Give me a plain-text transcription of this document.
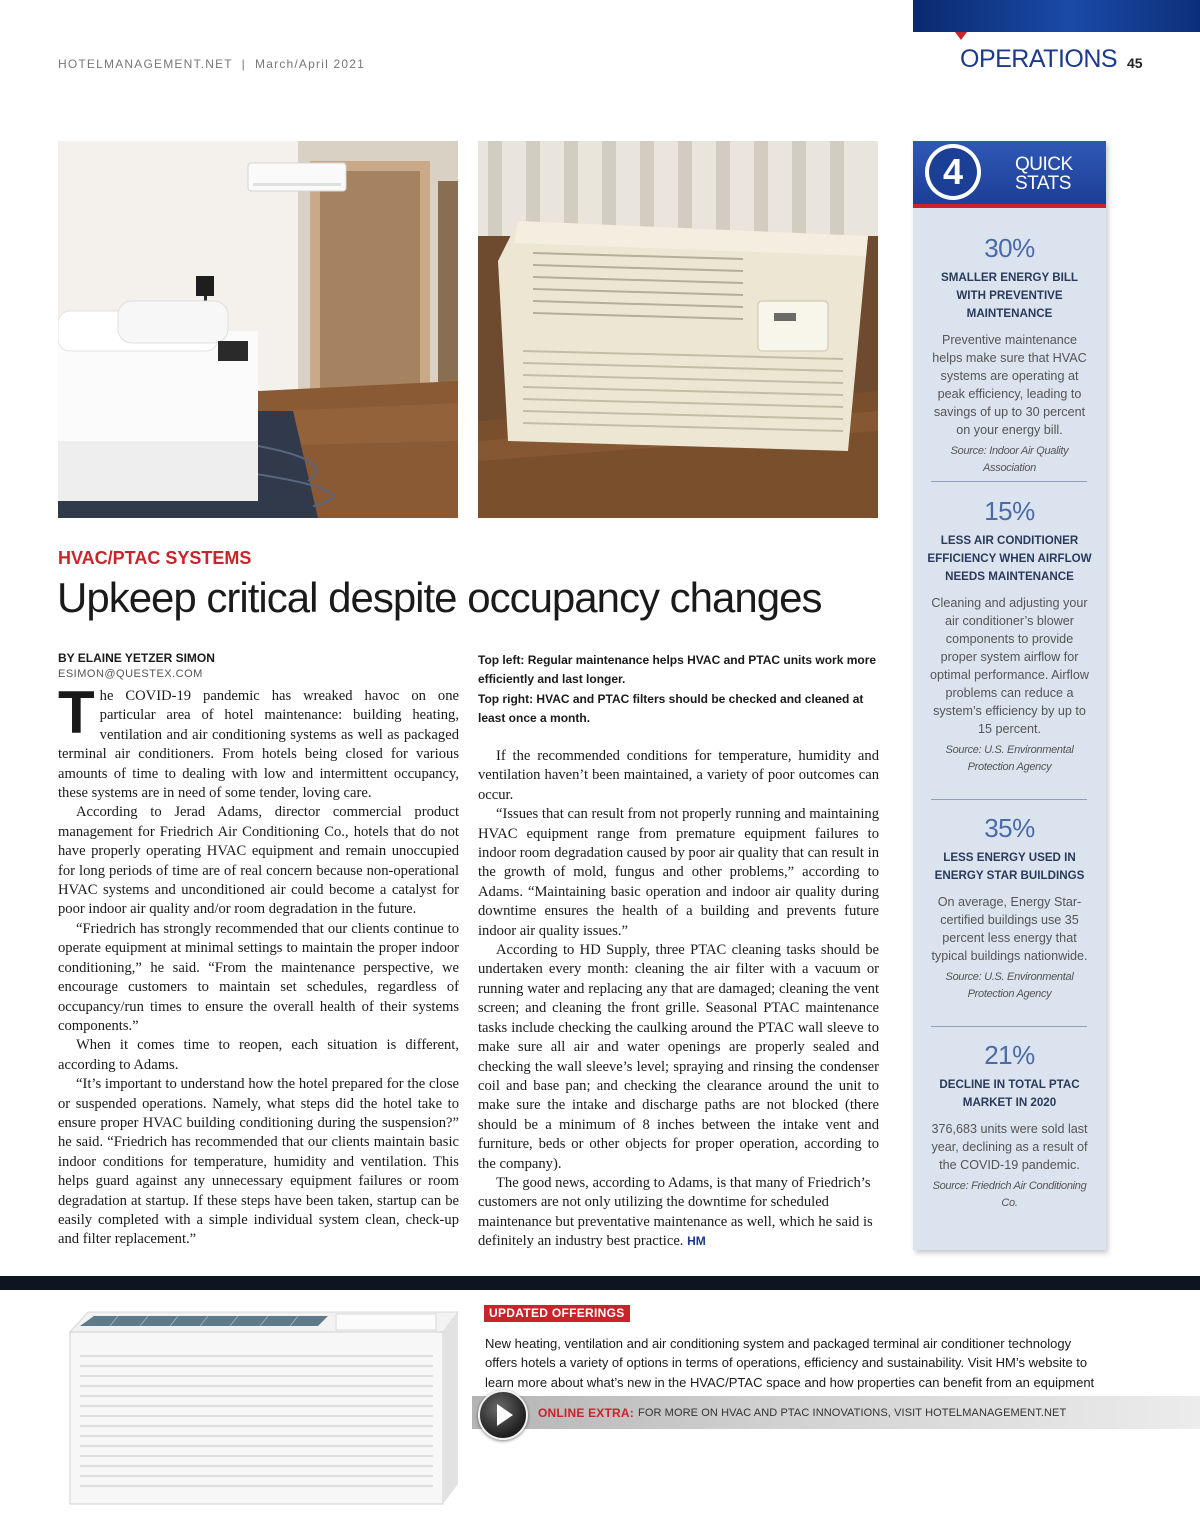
HOTELMANAGEMENT.NET  |  March/April 2021	OPERATIONS 45
HVAC/PTAC SYSTEMS
Upkeep critical despite occupancy changes
BY ELAINE YETZER SIMON
ESIMON@QUESTEX.COM

The COVID-19 pandemic has wreaked havoc on one particular area of hotel maintenance: building heating, ventilation and air conditioning systems as well as packaged terminal air conditioners. From hotels being closed for various amounts of time to dealing with low and intermittent occupancy, these systems are in need of some tender, loving care.

According to Jerad Adams, director commercial product management for Friedrich Air Conditioning Co., hotels that do not have properly operating HVAC equipment and remain unoccupied for long periods of time are of real concern because non-operational HVAC systems and unconditioned air could become a catalyst for poor indoor air quality and/or room degradation in the future.

“Friedrich has strongly recommended that our clients continue to operate equipment at minimal settings to maintain the proper indoor conditioning,” he said. “From the maintenance perspective, we encourage customers to maintain set schedules, regardless of occupancy/run times to ensure the overall health of their systems components.”

When it comes time to reopen, each situation is different, according to Adams.

“It’s important to understand how the hotel prepared for the close or suspended operations. Namely, what steps did the hotel take to ensure proper HVAC building conditioning during the suspension?” he said. “Friedrich has recommended that our clients maintain basic indoor conditions for temperature, humidity and ventilation. This helps guard against any unnecessary equipment failures or room degradation at startup. If these steps have been taken, startup can be easily completed with a simple individual system clean, check-up and filter replacement.”

Top left: Regular maintenance helps HVAC and PTAC units work more efficiently and last longer.

Top right: HVAC and PTAC filters should be checked and cleaned at least once a month.

If the recommended conditions for temperature, humidity and ventilation haven’t been maintained, a variety of poor outcomes can occur.

“Issues that can result from not properly running and maintaining HVAC equipment range from premature equipment failures to indoor room degradation caused by poor air quality that can result in the growth of mold, fungus and other problems,” according to Adams. “Maintaining basic operation and indoor air quality during downtime ensures the health of a building and prevents future indoor air quality issues.”

According to HD Supply, three PTAC cleaning tasks should be undertaken every month: cleaning the air filter with a vacuum or running water and replacing any that are damaged; cleaning the vent screen; and cleaning the front grille. Seasonal PTAC maintenance tasks include checking the caulking around the PTAC wall sleeve to make sure all air and water openings are properly sealed and checking the wall sleeve’s level; spraying and rinsing the condenser coil and base pan; and checking the clearance around the unit to make sure the intake and discharge paths are not blocked (there should be a minimum of 8 inches between the intake vent and furniture, beds or other objects for proper operation, according to the company).

The good news, according to Adams, is that many of Friedrich’s customers are not only utilizing the downtime for scheduled maintenance but preventative maintenance as well, which he said is definitely an industry best practice. HM

4	QUICK
STATS
30%
SMALLER ENERGY BILL WITH PREVENTIVE MAINTENANCE
Preventive maintenance helps make sure that HVAC systems are operating at peak efficiency, leading to savings of up to 30 percent on your energy bill.
Source: Indoor Air Quality Association
15%
LESS AIR CONDITIONER EFFICIENCY WHEN AIRFLOW NEEDS MAINTENANCE
Cleaning and adjusting your air conditioner’s blower components to provide proper system airflow for optimal performance. Airflow problems can reduce a system’s efficiency by up to 15 percent.
Source: U.S. Environmental Protection Agency
35%
LESS ENERGY USED IN ENERGY STAR BUILDINGS
On average, Energy Star-certified buildings use 35 percent less energy that typical buildings nationwide.
Source: U.S. Environmental Protection Agency
21%
DECLINE IN TOTAL PTAC MARKET IN 2020
376,683 units were sold last year, declining as a result of the COVID-19 pandemic.
Source: Friedrich Air Conditioning Co.
UPDATED OFFERINGS
New heating, ventilation and air conditioning system and packaged terminal air conditioner technology offers hotels a variety of options in terms of operations, efficiency and sustainability. Visit HM’s website to learn more about what’s new in the HVAC/PTAC space and how properties can benefit from an equipment
ONLINE EXTRA: FOR MORE ON HVAC AND PTAC INNOVATIONS, VISIT HOTELMANAGEMENT.NET
